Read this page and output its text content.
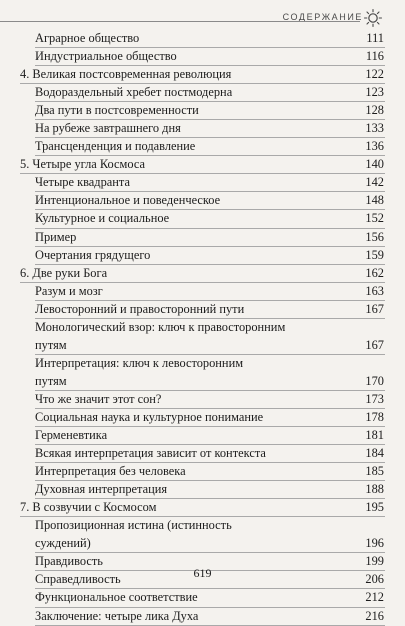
СОДЕРЖАНИЕ
Аграрное общество	111
Индустриальное общество	116
4. Великая постсовременная революция	122
Водораздельный хребет постмодерна	123
Два пути в постсовременности	128
На рубеже завтрашнего дня	133
Трансценденция и подавление	136
5. Четыре угла Космоса	140
Четыре квадранта	142
Интенциональное и поведенческое	148
Культурное и социальное	152
Пример	156
Очертания грядущего	159
6. Две руки Бога	162
Разум и мозг	163
Левосторонний и правосторонний пути	167
Монологический взор: ключ к правосторонним
путям	167
Интерпретация: ключ к левосторонним
путям	170
Что же значит этот сон?	173
Социальная наука и культурное понимание	178
Герменевтика	181
Всякая интерпретация зависит от контекста	184
Интерпретация без человека	185
Духовная интерпретация	188
7. В созвучии с Космосом	195
Пропозиционная истина (истинность
суждений)	196
Правдивость	199
Справедливость	206
Функциональное соответствие	212
Заключение: четыре лика Духа	216
619
